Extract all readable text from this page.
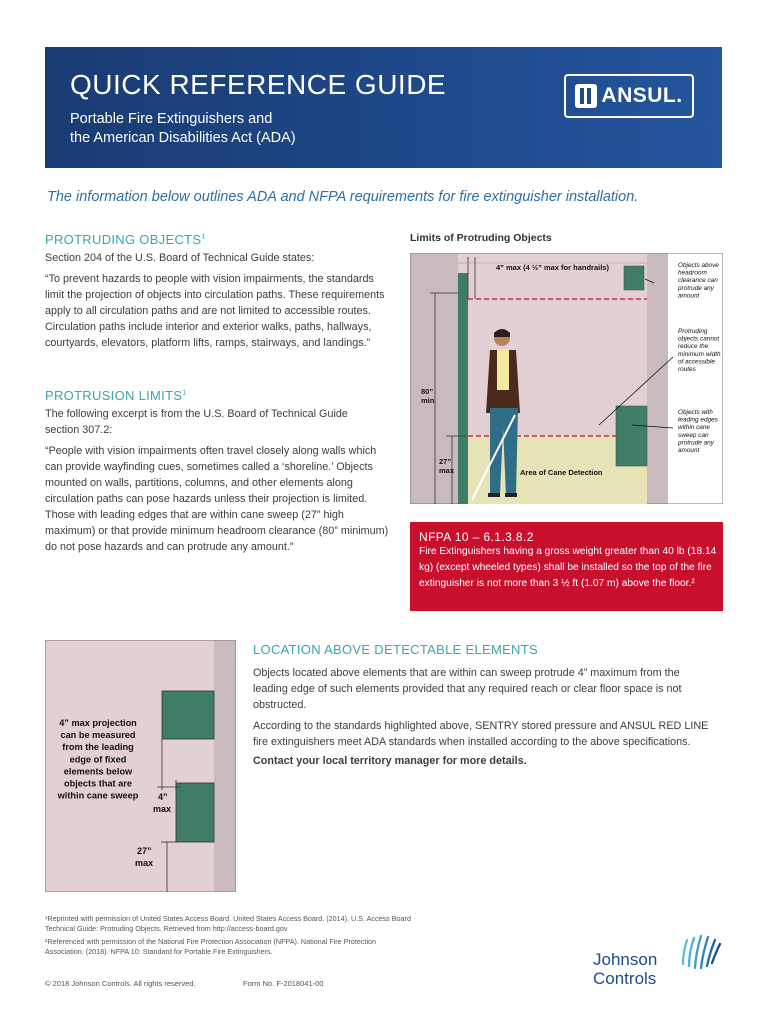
QUICK REFERENCE GUIDE
Portable Fire Extinguishers and
the American Disabilities Act (ADA)
ANSUL.
The information below outlines ADA and NFPA requirements for fire extinguisher installation.
PROTRUDING OBJECTS$^1$
Section 204 of the U.S. Board of Technical Guide states:
“To prevent hazards to people with vision impairments, the standards limit the projection of objects into circulation paths. These requirements apply to all circulation paths and are not limited to accessible routes. Circulation paths include interior and exterior walks, paths, hallways, courtyards, elevators, platform lifts, ramps, stairways, and landings.”
PROTRUSION LIMITS$^1$
The following excerpt is from the U.S. Board of Technical Guide section 307.2:
“People with vision impairments often travel closely along walls which can provide wayfinding cues, sometimes called a ‘shoreline.’ Objects mounted on walls, partitions, columns, and other elements along circulation paths can pose hazards unless their projection is limited. Those with leading edges that are within cane sweep (27” high maximum) or that provide minimum headroom clearance (80” minimum) do not pose hazards and can protrude any amount.”
Limits of Protruding Objects
4” max (4 ½” max for handrails)
80”
min
27”
max	Area of Cane Detection
Objects above
headroom
clearance can
protrude any
amount
Protruding
objects cannot
reduce the
minimum width
of accessible
routes
Objects with
leading edges
within cane
sweep can
protrude any
amount
NFPA 10 – 6.1.3.8.2
Fire Extinguishers having a gross weight greater than 40 lb (18.14 kg) (except wheeled types) shall be installed so the top of the fire extinguisher is not more than 3 ½ ft (1.07 m) above the floor.²
4” max projection
can be measured
from the leading
edge of fixed
elements below
objects that are
within cane sweep 4”
max
27”
max
LOCATION ABOVE DETECTABLE ELEMENTS
Objects located above elements that are within can sweep protrude 4” maximum from the leading edge of such elements provided that any required reach or clear floor space is not obstructed.
According to the standards highlighted above, SENTRY stored pressure and ANSUL RED LINE fire extinguishers meet ADA standards when installed according to the above specifications.
Contact your local territory manager for more details.
¹Reprinted with permission of United States Access Board. United States Access Board. (2014). U.S. Access Board Technical Guide: Protruding Objects. Retrieved from http://access-board.gov
²Referenced with permission of the National Fire Protection Association (NFPA). National Fire Protection Association. (2018). NFPA 10: Standard for Portable Fire Extinguishers.
© 2018 Johnson Controls. All rights reserved.	Form No. F-2018041-00
Johnson
Controls
